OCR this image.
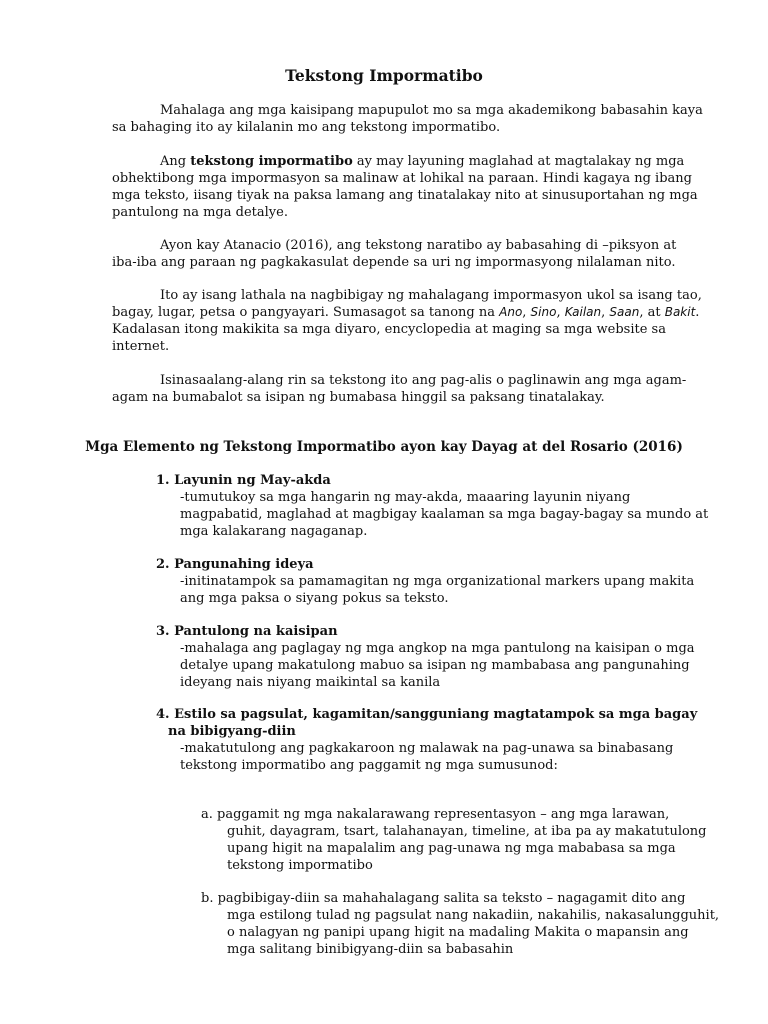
Tekstong Impormatibo

Mahalaga ang mga kaisipang mapupulot mo sa mga akademikong babasahin kaya sa bahaging ito ay kilalanin mo ang tekstong impormatibo.

Ang tekstong impormatibo ay may layuning maglahad at magtalakay ng mga obhektibong mga impormasyon sa malinaw at lohikal na paraan. Hindi kagaya ng ibang mga teksto, iisang tiyak na paksa lamang ang tinatalakay nito at sinusuportahan ng mga pantulong na mga detalye.

Ayon kay Atanacio (2016), ang tekstong naratibo ay babasahing di –piksyon at iba-iba ang paraan ng pagkakasulat depende sa uri ng impormasyong nilalaman nito.

Ito ay isang lathala na nagbibigay ng mahalagang impormasyon ukol sa isang tao, bagay, lugar, petsa o pangyayari. Sumasagot sa tanong na Ano, Sino, Kailan, Saan, at Bakit. Kadalasan itong makikita sa mga diyaro, encyclopedia at maging sa mga website sa internet.

Isinasaalang-alang rin sa tekstong ito ang pag-alis o paglinawin ang mga agam-agam na bumabalot sa isipan ng bumabasa hinggil sa paksang tinatalakay.

Mga Elemento ng Tekstong Impormatibo ayon kay Dayag at del Rosario (2016)

1. Layunin ng May-akda

-tumutukoy sa mga hangarin ng may-akda, maaaring layunin niyang magpabatid, maglahad at magbigay kaalaman sa mga bagay-bagay sa mundo at mga kalakarang nagaganap.

2. Pangunahing ideya

-initinatampok sa pamamagitan ng mga organizational markers upang makita ang mga paksa o siyang pokus sa teksto.

3. Pantulong na kaisipan

-mahalaga ang paglagay ng mga angkop na mga pantulong na kaisipan o mga detalye upang makatulong mabuo sa isipan ng mambabasa ang pangunahing ideyang nais niyang maikintal sa kanila

4. Estilo sa pagsulat, kagamitan/sangguniang magtatampok sa mga bagay
na bibigyang-diin

-makatutulong ang pagkakaroon ng malawak na pag-unawa sa binabasang tekstong impormatibo ang paggamit ng mga sumusunod:

a. paggamit ng mga nakalarawang representasyon – ang mga larawan,
guhit, dayagram, tsart, talahanayan, timeline, at iba pa ay makatutulong upang higit na mapalalim ang pag-unawa ng mga mababasa sa mga tekstong impormatibo

b. pagbibigay-diin sa mahahalagang salita sa teksto – nagagamit dito ang
mga estilong tulad ng pagsulat nang nakadiin, nakahilis, nakasalungguhit, o nalagyan ng panipi upang higit na madaling Makita o mapansin ang mga salitang binibigyang-diin sa babasahin
